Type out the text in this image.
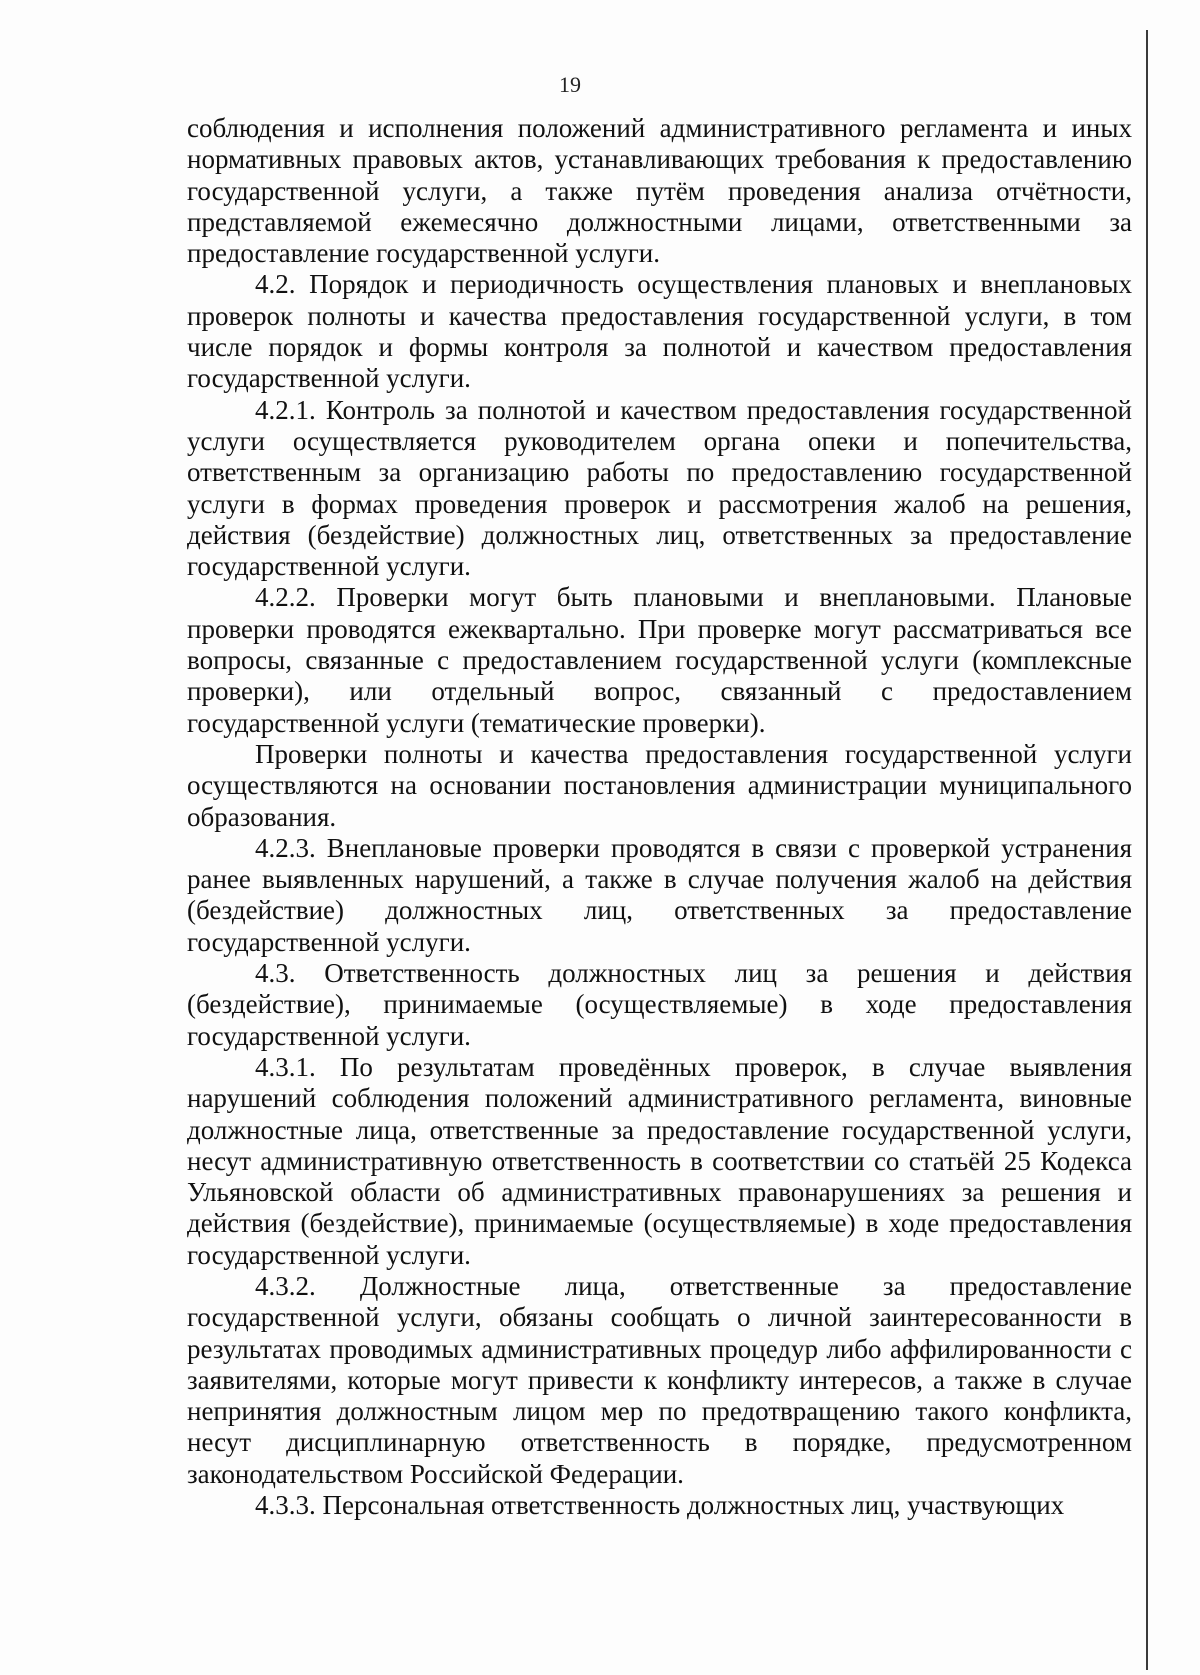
19

соблюдения и исполнения положений административного регламента и иных нормативных правовых актов, устанавливающих требования к предоставлению государственной услуги, а также путём проведения анализа отчётности, представляемой ежемесячно должностными лицами, ответственными за предоставление государственной услуги.

4.2. Порядок и периодичность осуществления плановых и внеплановых проверок полноты и качества предоставления государственной услуги, в том числе порядок и формы контроля за полнотой и качеством предоставления государственной услуги.

4.2.1. Контроль за полнотой и качеством предоставления государственной услуги осуществляется руководителем органа опеки и попечительства, ответственным за организацию работы по предоставлению государственной услуги в формах проведения проверок и рассмотрения жалоб на решения, действия (бездействие) должностных лиц, ответственных за предоставление государственной услуги.

4.2.2. Проверки могут быть плановыми и внеплановыми. Плановые проверки проводятся ежеквартально. При проверке могут рассматриваться все вопросы, связанные с предоставлением государственной услуги (комплексные проверки), или отдельный вопрос, связанный с предоставлением государственной услуги (тематические проверки).

Проверки полноты и качества предоставления государственной услуги осуществляются на основании постановления администрации муниципального образования.

4.2.3. Внеплановые проверки проводятся в связи с проверкой устранения ранее выявленных нарушений, а также в случае получения жалоб на действия (бездействие) должностных лиц, ответственных за предоставление государственной услуги.

4.3. Ответственность должностных лиц за решения и действия (бездействие), принимаемые (осуществляемые) в ходе предоставления государственной услуги.

4.3.1. По результатам проведённых проверок, в случае выявления нарушений соблюдения положений административного регламента, виновные должностные лица, ответственные за предоставление государственной услуги, несут административную ответственность в соответствии со статьёй 25 Кодекса Ульяновской области об административных правонарушениях за решения и действия (бездействие), принимаемые (осуществляемые) в ходе предоставления государственной услуги.

4.3.2. Должностные лица, ответственные за предоставление государственной услуги, обязаны сообщать о личной заинтересованности в результатах проводимых административных процедур либо аффилированности с заявителями, которые могут привести к конфликту интересов, а также в случае непринятия должностным лицом мер по предотвращению такого конфликта, несут дисциплинарную ответственность в порядке, предусмотренном законодательством Российской Федерации.

4.3.3. Персональная ответственность должностных лиц, участвующих
